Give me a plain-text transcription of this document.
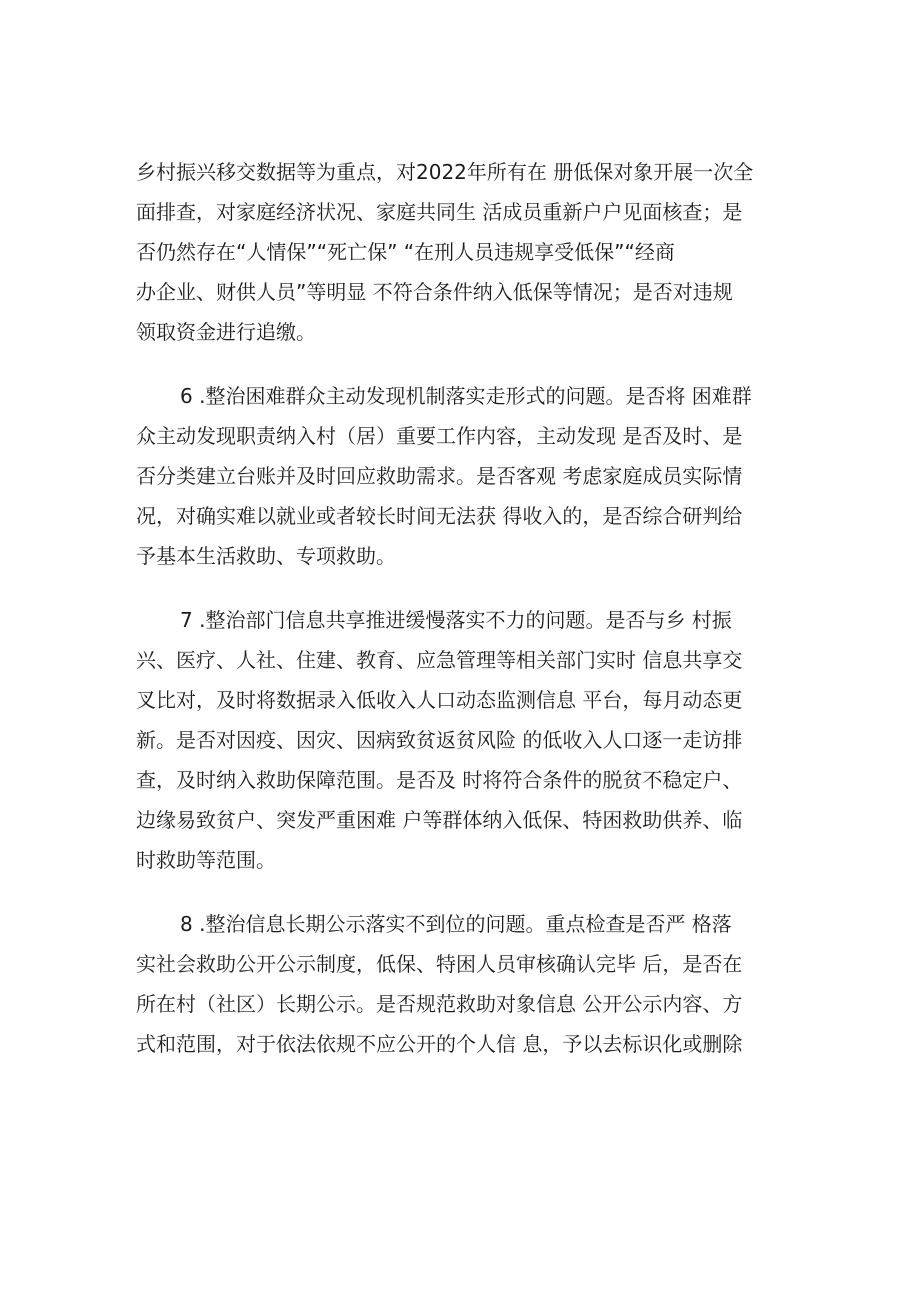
乡村振兴移交数据等为重点，对2022年所有在 册低保对象开展一次全
面排查，对家庭经济状况、家庭共同生 活成员重新户户见面核查；是
否仍然存在“人情保”“死亡保” “在刑人员违规享受低保”“经商
办企业、财供人员”等明显 不符合条件纳入低保等情况；是否对违规
领取资金进行追缴。
6 .整治困难群众主动发现机制落实走形式的问题。是否将 困难群
众主动发现职责纳入村（居）重要工作内容，主动发现 是否及时、是
否分类建立台账并及时回应救助需求。是否客观 考虑家庭成员实际情
况，对确实难以就业或者较长时间无法获 得收入的，是否综合研判给
予基本生活救助、专项救助。
7 .整治部门信息共享推进缓慢落实不力的问题。是否与乡 村振
兴、医疗、人社、住建、教育、应急管理等相关部门实时 信息共享交
叉比对，及时将数据录入低收入人口动态监测信息 平台，每月动态更
新。是否对因疫、因灾、因病致贫返贫风险 的低收入人口逐一走访排
查，及时纳入救助保障范围。是否及 时将符合条件的脱贫不稳定户、
边缘易致贫户、突发严重困难 户等群体纳入低保、特困救助供养、临
时救助等范围。
8 .整治信息长期公示落实不到位的问题。重点检查是否严 格落
实社会救助公开公示制度，低保、特困人员审核确认完毕 后，是否在
所在村（社区）长期公示。是否规范救助对象信息 公开公示内容、方
式和范围，对于依法依规不应公开的个人信 息，予以去标识化或删除
